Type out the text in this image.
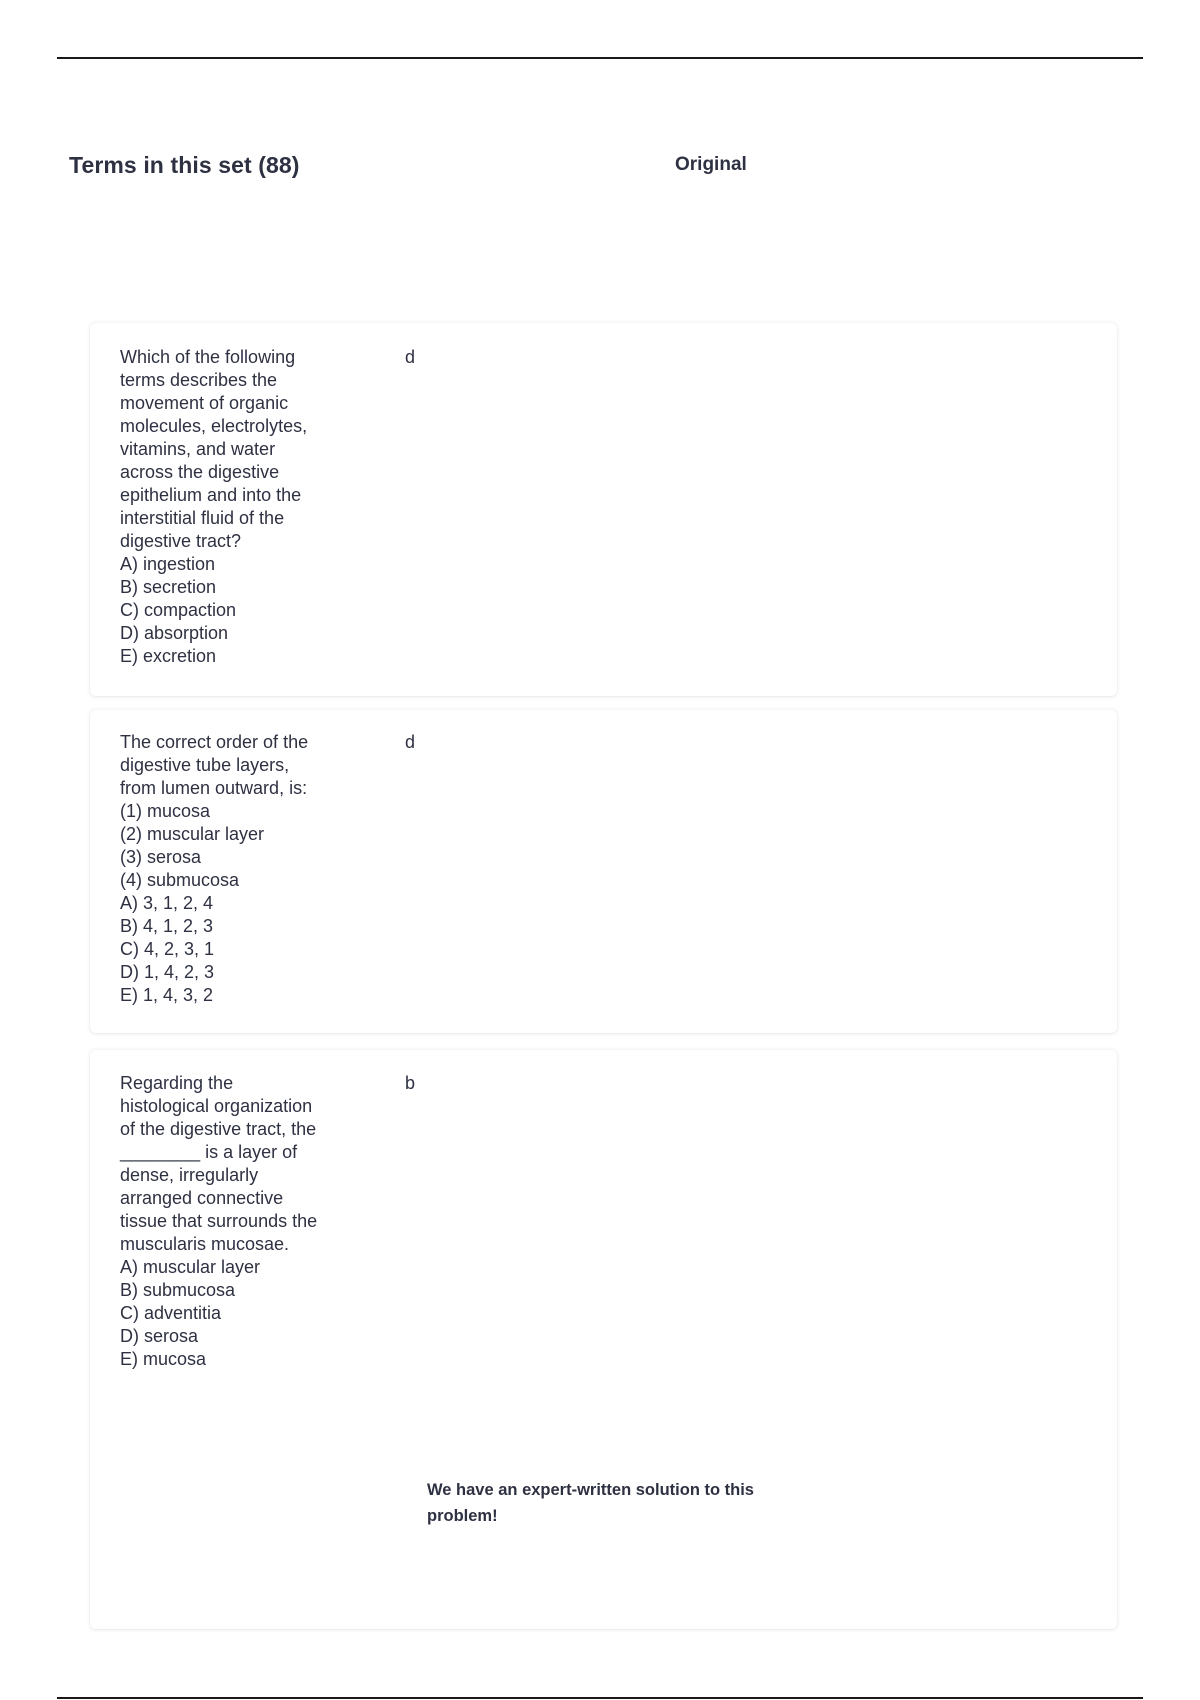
Terms in this set (88)	Original
Which of the following
terms describes the
movement of organic
molecules, electrolytes,
vitamins, and water
across the digestive
epithelium and into the
interstitial fluid of the
digestive tract?
A) ingestion
B) secretion
C) compaction
D) absorption
E) excretion
d
The correct order of the
digestive tube layers,
from lumen outward, is:
(1) mucosa
(2) muscular layer
(3) serosa
(4) submucosa
A) 3, 1, 2, 4
B) 4, 1, 2, 3
C) 4, 2, 3, 1
D) 1, 4, 2, 3
E) 1, 4, 3, 2
d
Regarding the
histological organization
of the digestive tract, the
________ is a layer of
dense, irregularly
arranged connective
tissue that surrounds the
muscularis mucosae.
A) muscular layer
B) submucosa
C) adventitia
D) serosa
E) mucosa
b
We have an expert-written solution to this problem!
